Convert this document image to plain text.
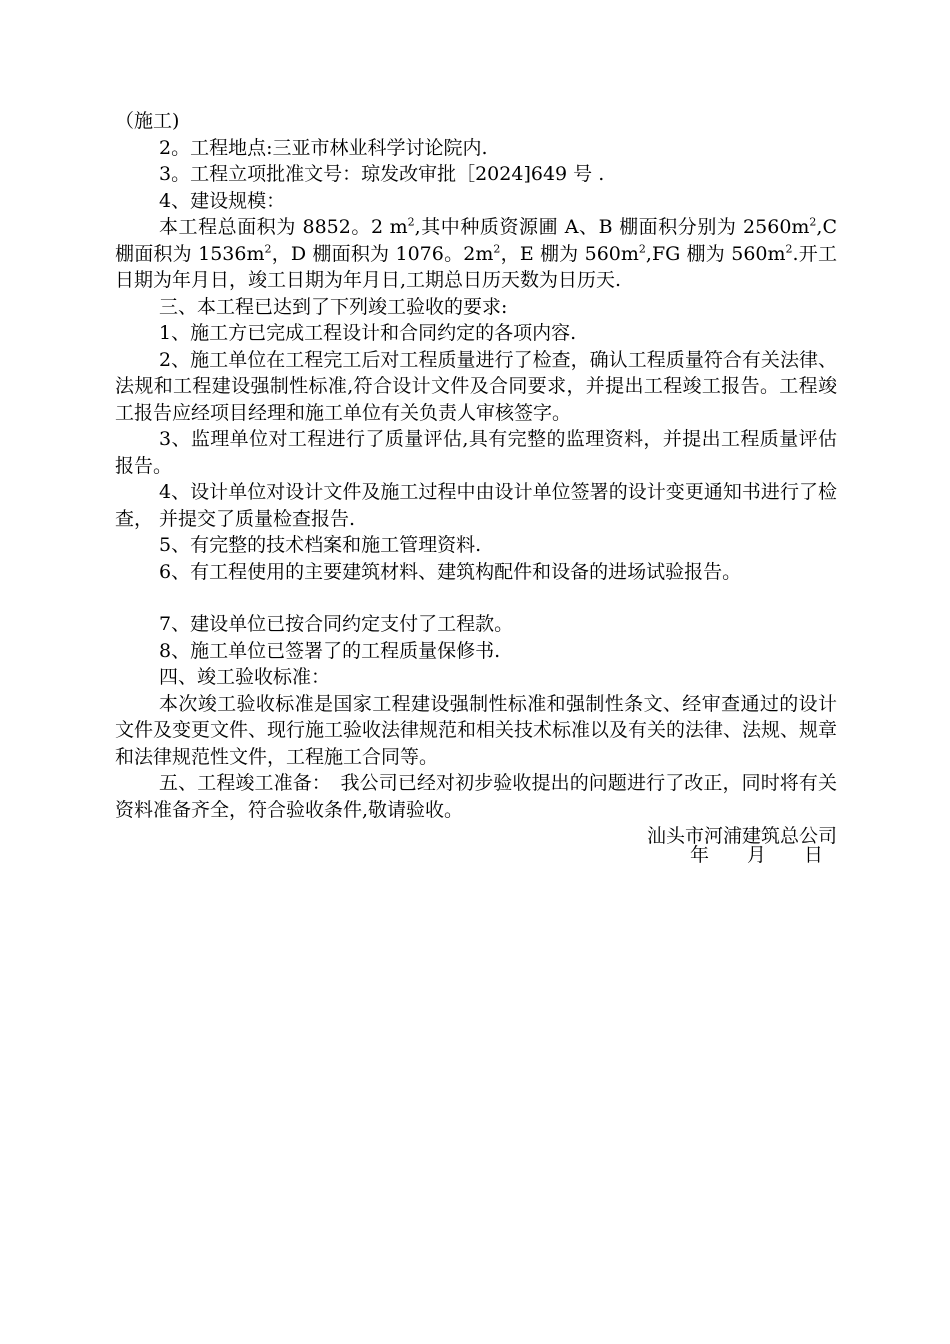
（施工)

2。工程地点:三亚市林业科学讨论院内.

3。工程立项批准文号：琼发改审批［2024]649 号 .

4、建设规模：

本工程总面积为 8852。2 $m^2$,其中种质资源圃 A、B 棚面积分别为 $2560m^2,C$ 棚面积为 $1536m^2$，D 棚面积为 1076。$2m^2$，E 棚为 $560m^2,FG$ 棚为 $560m^2$.开工日期为年月日，竣工日期为年月日,工期总日历天数为日历天.

三、本工程已达到了下列竣工验收的要求:

1、施工方已完成工程设计和合同约定的各项内容.

2、施工单位在工程完工后对工程质量进行了检查，确认工程质量符合有关法律、法规和工程建设强制性标准,符合设计文件及合同要求，并提出工程竣工报告。工程竣工报告应经项目经理和施工单位有关负责人审核签字。

3、监理单位对工程进行了质量评估,具有完整的监理资料，并提出工程质量评估报告。

4、设计单位对设计文件及施工过程中由设计单位签署的设计变更通知书进行了检查， 并提交了质量检查报告.

5、有完整的技术档案和施工管理资料.

6、有工程使用的主要建筑材料、建筑构配件和设备的进场试验报告。

7、建设单位已按合同约定支付了工程款。

8、施工单位已签署了的工程质量保修书.

四、竣工验收标准：

本次竣工验收标准是国家工程建设强制性标准和强制性条文、经审查通过的设计文件及变更文件、现行施工验收法律规范和相关技术标准以及有关的法律、法规、规章和法律规范性文件，工程施工合同等。

五、工程竣工准备：　我公司已经对初步验收提出的问题进行了改正，同时将有关资料准备齐全，符合验收条件,敬请验收。

汕头市河浦建筑总公司

年　　月　　日
